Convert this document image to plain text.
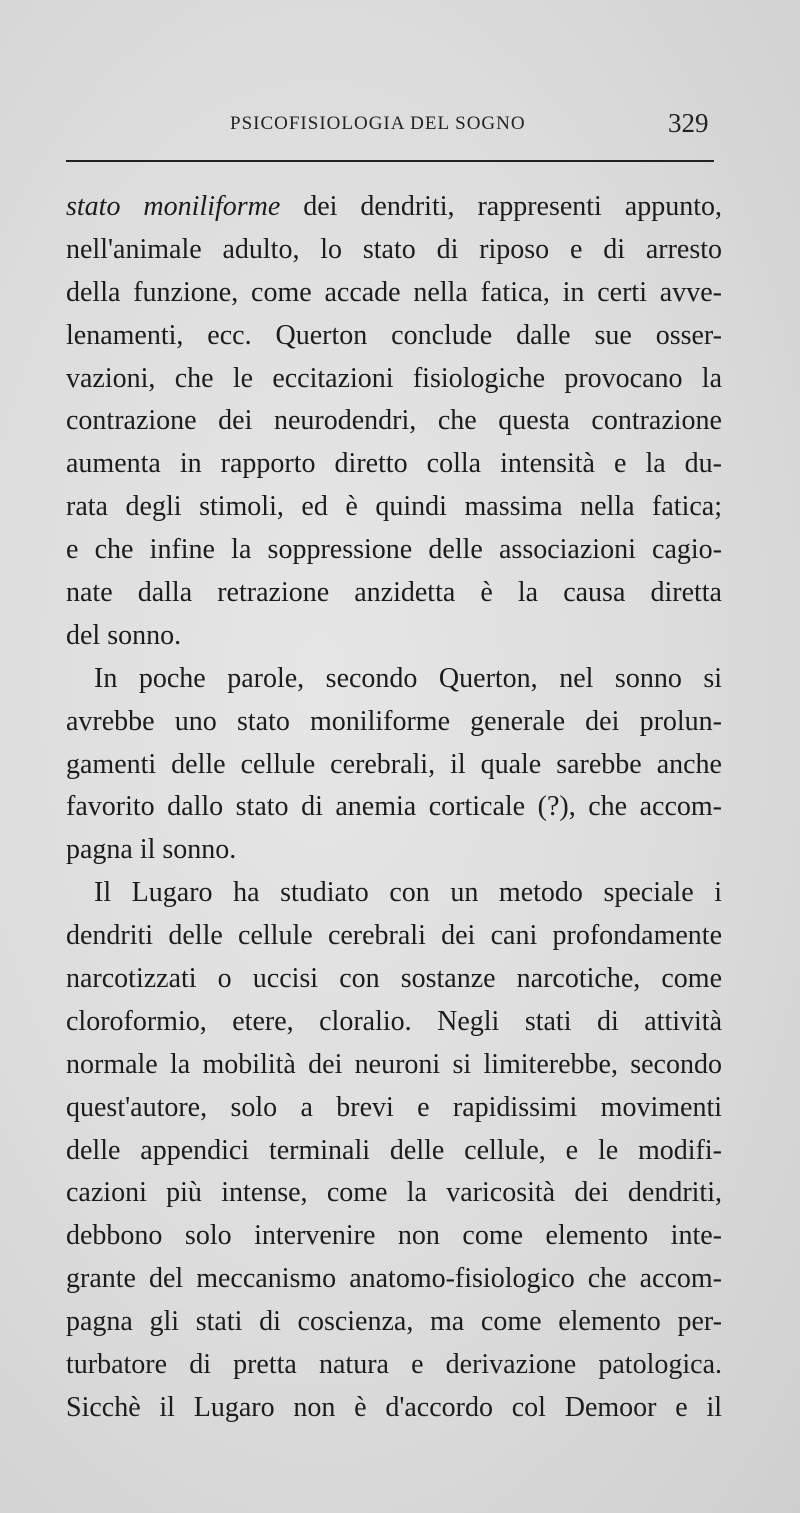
PSICOFISIOLOGIA DEL SOGNO	329
stato moniliforme dei dendriti, rappresenti appunto,
nell'animale adulto, lo stato di riposo e di arresto
della funzione, come accade nella fatica, in certi avve-
lenamenti, ecc. Querton conclude dalle sue osser-
vazioni, che le eccitazioni fisiologiche provocano la
contrazione dei neurodendri, che questa contrazione
aumenta in rapporto diretto colla intensità e la du-
rata degli stimoli, ed è quindi massima nella fatica;
e che infine la soppressione delle associazioni cagio-
nate dalla retrazione anzidetta è la causa diretta
del sonno.
In poche parole, secondo Querton, nel sonno si
avrebbe uno stato moniliforme generale dei prolun-
gamenti delle cellule cerebrali, il quale sarebbe anche
favorito dallo stato di anemia corticale (?), che accom-
pagna il sonno.
Il Lugaro ha studiato con un metodo speciale i
dendriti delle cellule cerebrali dei cani profondamente
narcotizzati o uccisi con sostanze narcotiche, come
cloroformio, etere, cloralio. Negli stati di attività
normale la mobilità dei neuroni si limiterebbe, secondo
quest'autore, solo a brevi e rapidissimi movimenti
delle appendici terminali delle cellule, e le modifi-
cazioni più intense, come la varicosità dei dendriti,
debbono solo intervenire non come elemento inte-
grante del meccanismo anatomo-fisiologico che accom-
pagna gli stati di coscienza, ma come elemento per-
turbatore di pretta natura e derivazione patologica.
Sicchè il Lugaro non è d'accordo col Demoor e il
